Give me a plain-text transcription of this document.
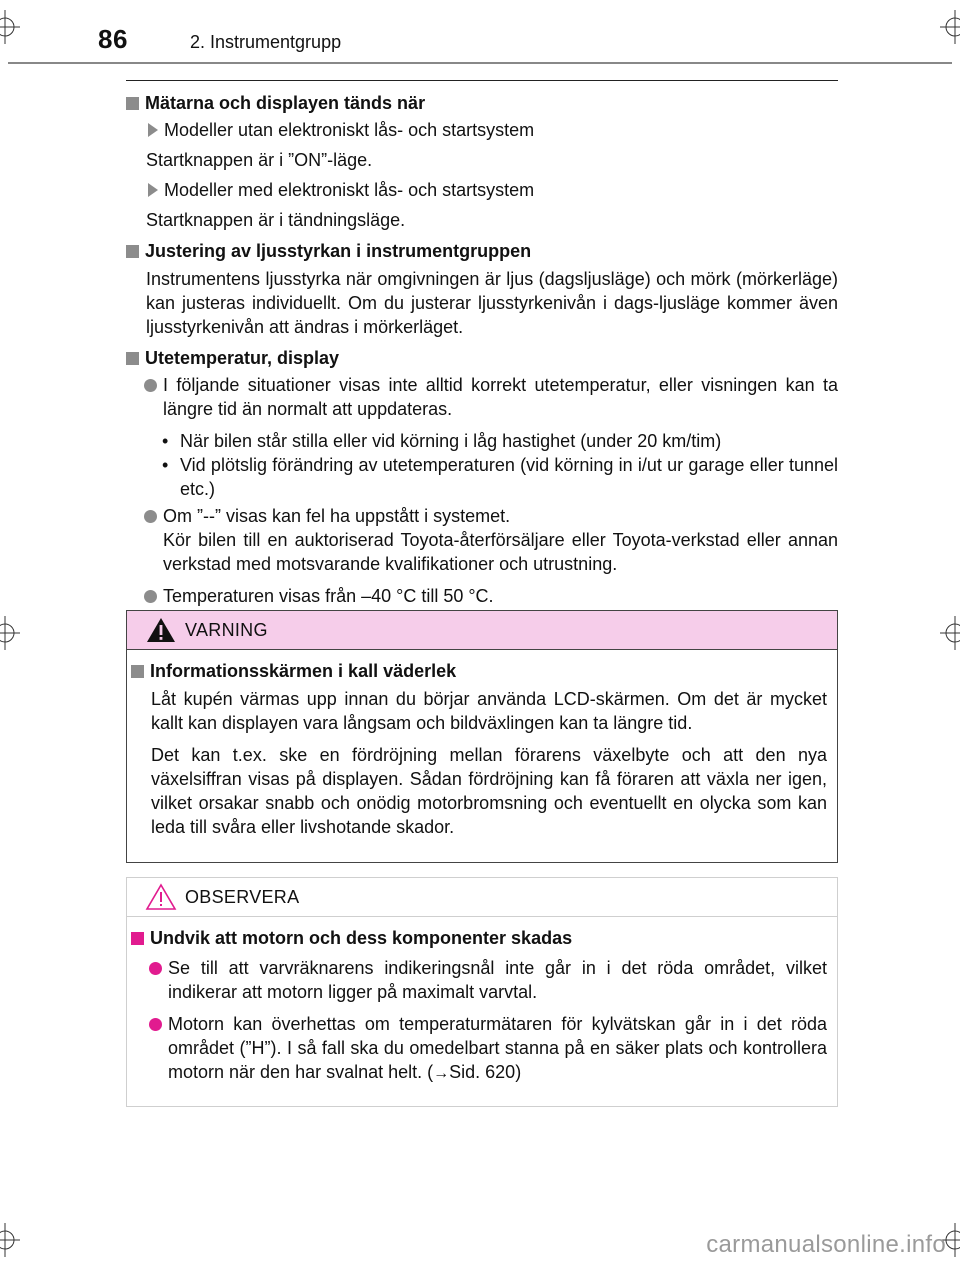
86	2. Instrumentgrupp
Mätarna och displayen tänds när
Modeller utan elektroniskt lås- och startsystem
Startknappen är i ”ON”-läge.
Modeller med elektroniskt lås- och startsystem
Startknappen är i tändningsläge.
Justering av ljusstyrkan i instrumentgruppen
Instrumentens ljusstyrka när omgivningen är ljus (dagsljusläge) och mörk (mörkerläge) kan justeras individuellt. Om du justerar ljusstyrkenivån i dags-ljusläge kommer även ljusstyrkenivån att ändras i mörkerläget.
Utetemperatur, display
I följande situationer visas inte alltid korrekt utetemperatur, eller visningen kan ta längre tid än normalt att uppdateras.
• När bilen står stilla eller vid körning i låg hastighet (under 20 km/tim)
• Vid plötslig förändring av utetemperaturen (vid körning in i/ut ur garage eller tunnel etc.)
Om ”--” visas kan fel ha uppstått i systemet.
Kör bilen till en auktoriserad Toyota-återförsäljare eller Toyota-verkstad eller annan verkstad med motsvarande kvalifikationer och utrustning.
Temperaturen visas från –40 °C till 50 °C.
VARNING
Informationsskärmen i kall väderlek
Låt kupén värmas upp innan du börjar använda LCD-skärmen. Om det är mycket kallt kan displayen vara långsam och bildväxlingen kan ta längre tid.
Det kan t.ex. ske en fördröjning mellan förarens växelbyte och att den nya växelsiffran visas på displayen. Sådan fördröjning kan få föraren att växla ner igen, vilket orsakar snabb och onödig motorbromsning och eventuellt en olycka som kan leda till svåra eller livshotande skador.
OBSERVERA
Undvik att motorn och dess komponenter skadas
Se till att varvräknarens indikeringsnål inte går in i det röda området, vilket indikerar att motorn ligger på maximalt varvtal.
Motorn kan överhettas om temperaturmätaren för kylvätskan går in i det röda området (”H”). I så fall ska du omedelbart stanna på en säker plats och kontrollera motorn när den har svalnat helt. (→Sid. 620)
carmanualsonline.info
